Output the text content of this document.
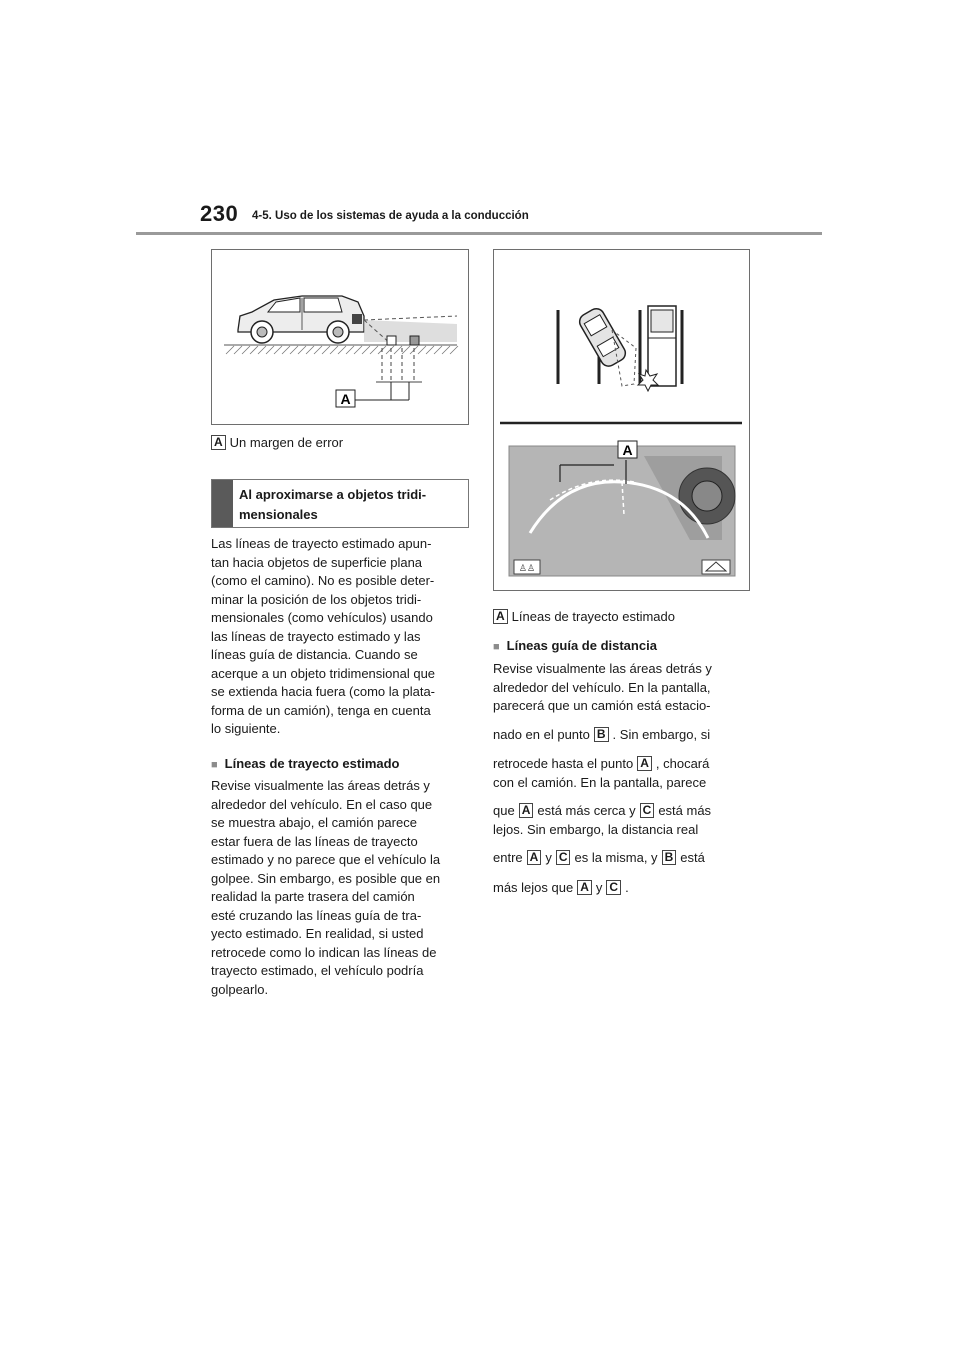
230 4-5. Uso de los sistemas de ayuda a la conducción
A
A Un margen de error
Al aproximarse a objetos tridi-
mensionales
Las líneas de trayecto estimado apun-
tan hacia objetos de superficie plana
(como el camino). No es posible deter-
minar la posición de los objetos tridi-
mensionales (como vehículos) usando
las líneas de trayecto estimado y las
líneas guía de distancia. Cuando se
acerque a un objeto tridimensional que
se extienda hacia fuera (como la plata-
forma de un camión), tenga en cuenta
lo siguiente.
■ Líneas de trayecto estimado
Revise visualmente las áreas detrás y
alrededor del vehículo. En el caso que
se muestra abajo, el camión parece
estar fuera de las líneas de trayecto
estimado y no parece que el vehículo la
golpee. Sin embargo, es posible que en
realidad la parte trasera del camión
esté cruzando las líneas guía de tra-
yecto estimado. En realidad, si usted
retrocede como lo indican las líneas de
trayecto estimado, el vehículo podría
golpearlo.
A
♙♙
A Líneas de trayecto estimado
■ Líneas guía de distancia
Revise visualmente las áreas detrás y
alrededor del vehículo. En la pantalla,
parecerá que un camión está estacio-
nado en el punto B . Sin embargo, si
retrocede hasta el punto A , chocará
con el camión. En la pantalla, parece
que A está más cerca y C está más
lejos. Sin embargo, la distancia real
entre A y C es la misma, y B está
más lejos que A y C .
